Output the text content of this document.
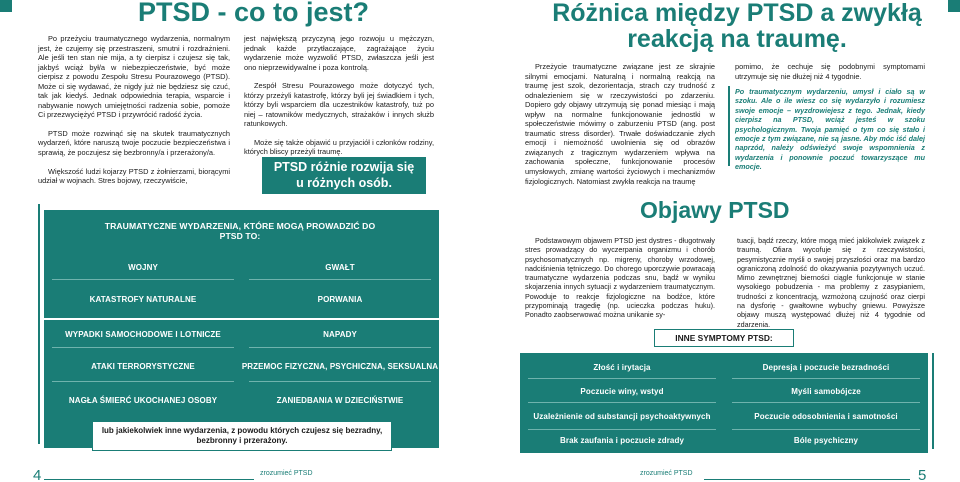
PTSD - co to jest?

Po przeżyciu traumatycznego wydarzenia, normalnym jest, że czujemy się przestraszeni, smutni i rozdrażnieni. Ale jeśli ten stan nie mija, a ty cierpisz i czujesz się tak, jakbyś wciąż był/a w niebezpieczeństwie, być może cierpisz z powodu Zespołu Stresu Pourazowego (PTSD). Może ci się wydawać, że nigdy już nie będziesz się czuć, tak jak kiedyś. Jednak odpowiednia terapia, wsparcie i nabywanie nowych umiejętności radzenia sobie, pomoże Ci przezwyciężyć PTSD i przywrócić radość życia.

PTSD może rozwinąć się na skutek traumatycznych wydarzeń, które naruszą twoje poczucie bezpieczeństwa i sprawią, że poczujesz się bezbronny/a i przerażony/a.

Większość ludzi kojarzy PTSD z żołnierzami, biorącymi udział w wojnach. Stres bojowy, rzeczywiście,

jest największą przyczyną jego rozwoju u mężczyzn, jednak każde przytłaczające, zagrażające życiu wydarzenie może wyzwolić PTSD, zwłaszcza jeśli jest ono nieprzewidywalne i poza kontrolą.

Zespół Stresu Pourazowego może dotyczyć tych, którzy przeżyli katastrofę, którzy byli jej świadkiem i tych, którzy byli wsparciem dla uczestników katastrofy, tuż po niej – ratowników medycznych, strażaków i innych służb ratunkowych.

Może się także objawić u przyjaciół i członków rodziny, których bliscy przeżyli traumę.

PTSD różnie rozwija się u różnych osób.
TRAUMATYCZNE WYDARZENIA, KTÓRE MOGĄ PROWADZIĆ DO PTSD TO:
WOJNY	GWAŁT
KATASTROFY NATURALNE	PORWANIA
WYPADKI SAMOCHODOWE I LOTNICZE	NAPADY
ATAKI TERRORYSTYCZNE	PRZEMOC FIZYCZNA, PSYCHICZNA, SEKSUALNA
NAGŁA ŚMIERĆ UKOCHANEJ OSOBY	ZANIEDBANIA W DZIECIŃSTWIE
lub jakiekolwiek inne wydarzenia, z powodu których czujesz się bezradny, bezbronny i przerażony.
4	zrozumieć PTSD
Różnica między PTSD a zwykłą reakcją na traumę.
Przeżycie traumatyczne związane jest ze skrajnie silnymi emocjami. Naturalną i normalną reakcją na traumę jest szok, dezorientacja, strach czy trudność z odnalezieniem się w rzeczywistości po zdarzeniu. Dopiero gdy objawy utrzymują się ponad miesiąc i mają wpływ na normalne funkcjonowanie jednostki w społeczeństwie mówimy o zaburzeniu PTSD (ang. post traumatic stress disorder). Trwałe doświadczanie złych emocji i niemożność uwolnienia się od obrazów związanych z tragicznym wydarzeniem wpływa na zachowania społeczne, funkcjonowanie procesów umysłowych, zmianę wartości życiowych i mechanizmów fizjologicznych. Natomiast zwykła reakcja na traumę

pomimo, że cechuje się podobnymi symptomami utrzymuje się nie dłużej niż 4 tygodnie.

Po traumatycznym wydarzeniu, umysł i ciało są w szoku. Ale o ile wiesz co się wydarzyło i rozumiesz swoje emocje – wyzdrowiejesz z tego. Jednak, kiedy cierpisz na PTSD, wciąż jesteś w szoku psychologicznym. Twoja pamięć o tym co się stało i emocje z tym związane, nie są jasne. Aby móc iść dalej naprzód, należy odświeżyć swoje wspomnienia z wydarzenia i ponownie poczuć towarzyszące mu emocje.
Objawy PTSD
Podstawowym objawem PTSD jest dystres - długotrwały stres prowadzący do wyczerpania organizmu i chorób psychosomatycznych np. migreny, choroby wrzodowej, nadciśnienia tętniczego. Do chorego uporczywie powracają traumatyczne wydarzenia podczas snu, bądź w wyniku skojarzenia innych sytuacji z wydarzeniem traumatycznym. Powoduje to reakcje fizjologiczne na bodźce, które przypominają tragedię (np. ucieczka podczas huku). Ponadto zaobserwować można unikanie sy-
tuacji, bądź rzeczy, które mogą mieć jakikolwiek związek z traumą. Ofiara wycofuje się z rzeczywistości, pesymistycznie myśli o swojej przyszłości oraz ma bardzo ograniczoną zdolność do okazywania pozytywnych uczuć. Mimo zewnętrznej bierności ciągle funkcjonuje w stanie wysokiego pobudzenia - ma problemy z zasypianiem, trudności z koncentracją, wzmożoną czujność oraz cierpi na dysforię - gwałtowne wybuchy gniewu. Powyższe objawy muszą występować dłużej niż 4 tygodnie od zdarzenia.
INNE SYMPTOMY PTSD:
Złość i irytacja	Depresja i poczucie bezradności
Poczucie winy, wstyd	Myśli samobójcze
Uzależnienie od substancji psychoaktywnych	Poczucie odosobnienia i samotności
Brak zaufania i poczucie zdrady	Bóle psychiczny
zrozumieć PTSD	5
